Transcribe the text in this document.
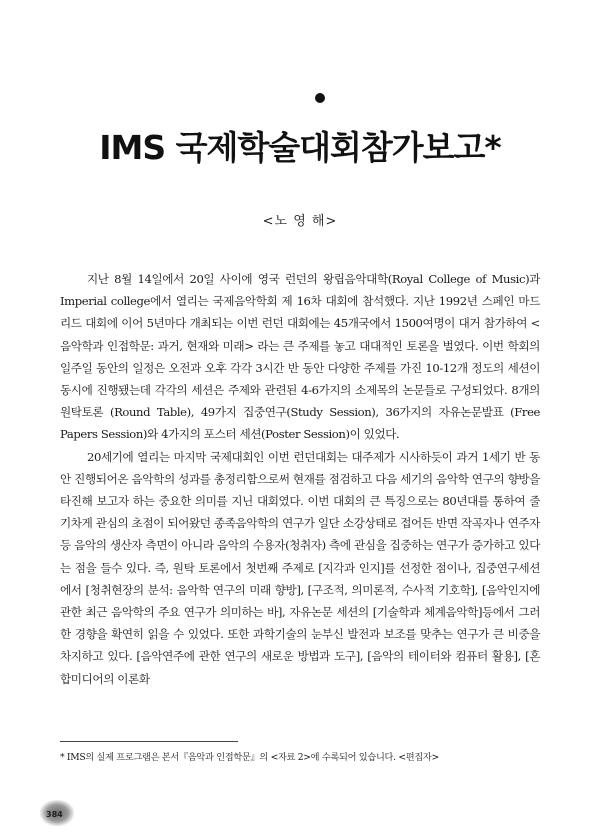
IMS 국제학술대회참가보고*
<노 영 해>

지난 8월 14일에서 20일 사이에 영국 런던의 왕립음악대학(Royal College of Music)과 Imperial college에서 열리는 국제음악학회 제 16차 대회에 참석했다. 지난 1992년 스페인 마드리드 대회에 이어 5년마다 개최되는 이번 런던 대회에는 45개국에서 1500여명이 대거 참가하여 <음악학과 인접학문: 과거, 현재와 미래> 라는 큰 주제를 놓고 대대적인 토론을 벌였다. 이번 학회의 일주일 동안의 일정은 오전과 오후 각각 3시간 반 동안 다양한 주제를 가진 10-12개 정도의 세션이 동시에 진행됐는데 각각의 세션은 주제와 관련된 4-6가지의 소제목의 논문들로 구성되었다. 8개의 원탁토론 (Round Table), 49가지 집중연구(Study Session), 36가지의 자유논문발표 (Free Papers Session)와 4가지의 포스터 세션(Poster Session)이 있었다.

20세기에 열리는 마지막 국제대회인 이번 런던대회는 대주제가 시사하듯이 과거 1세기 반 동안 진행되어온 음악학의 성과를 총정리함으로써 현재를 점검하고 다음 세기의 음악학 연구의 향방을 타진해 보고자 하는 중요한 의미를 지닌 대회였다. 이번 대회의 큰 특징으로는 80년대를 통하여 줄기차게 관심의 초점이 되어왔던 종족음악학의 연구가 일단 소강상태로 접어든 반면 작곡자나 연주자 등 음악의 생산자 측면이 아니라 음악의 수용자(청취자) 측에 관심을 집중하는 연구가 증가하고 있다는 점을 들수 있다. 즉, 원탁 토론에서 첫번째 주제로 [지각과 인지]를 선정한 점이나, 집중연구세션에서 [청취현장의 분석: 음악학 연구의 미래 향방], [구조적, 의미론적, 수사적 기호학], [음악인지에 관한 최근 음악학의 주요 연구가 의미하는 바], 자유논문 세션의 [기술학과 체계음악학]등에서 그러한 경향을 확연히 읽을 수 있었다. 또한 과학기술의 눈부신 발전과 보조를 맞추는 연구가 큰 비중을 차지하고 있다. [음악연주에 관한 연구의 새로운 방법과 도구], [음악의 테이터와 컴퓨터 활용], [혼합미디어의 이론화

* IMS의 실제 프로그램은 본서『음악과 인접학문』의 <자료 2>에 수록되어 있습니다. <편집자>
384
